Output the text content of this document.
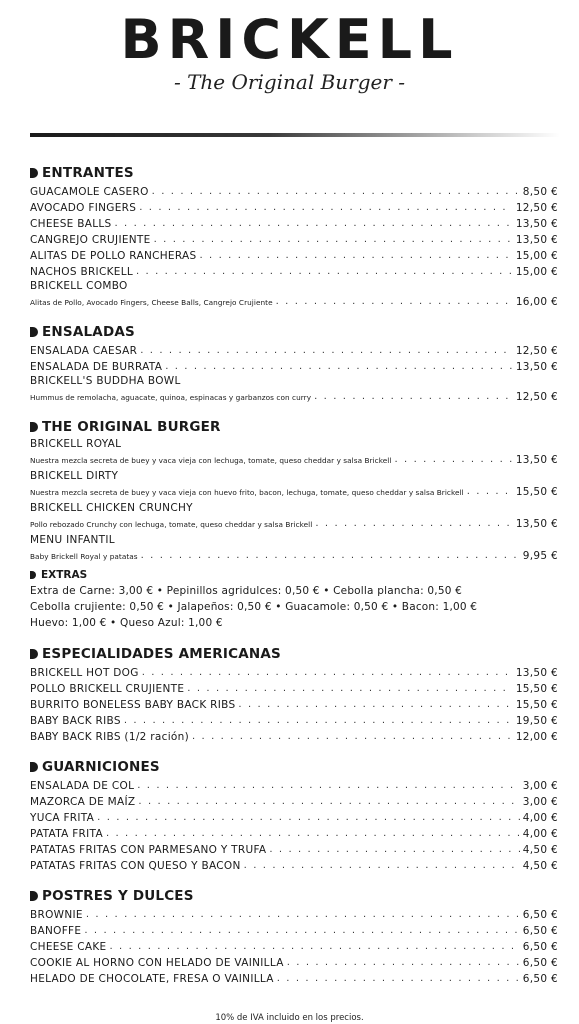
BRICKELL
- The Original Burger -
ENTRANTES
GUACAMOLE CASERO . . .	8,50 €
AVOCADO FINGERS . . .	12,50 €
CHEESE BALLS . . .	13,50 €
CANGREJO CRUJIENTE . . .	13,50 €
ALITAS DE POLLO RANCHERAS . . .	15,00 €
NACHOS BRICKELL . . .	15,00 €
BRICKELL COMBO
Alitas de Pollo, Avocado Fingers, Cheese Balls, Cangrejo Crujiente . . .	16,00 €
ENSALADAS
ENSALADA CAESAR . . .	12,50 €
ENSALADA DE BURRATA . . .	13,50 €
BRICKELL'S BUDDHA BOWL
Hummus de remolacha, aguacate, quinoa, espinacas y garbanzos con curry . . .	12,50 €
THE ORIGINAL BURGER
BRICKELL ROYAL
Nuestra mezcla secreta de buey y vaca vieja con lechuga, tomate, queso cheddar y salsa Brickell . . .	13,50 €
BRICKELL DIRTY
Nuestra mezcla secreta de buey y vaca vieja con huevo frito, bacon, lechuga, tomate, queso cheddar y salsa Brickell . . .	15,50 €
BRICKELL CHICKEN CRUNCHY
Pollo rebozado Crunchy con lechuga, tomate, queso cheddar y salsa Brickell . . .	13,50 €
MENU INFANTIL
Baby Brickell Royal y patatas . . .	9,95 €
EXTRAS
Extra de Carne: 3,00 € • Pepinillos agridulces: 0,50 € • Cebolla plancha: 0,50 €
Cebolla crujiente: 0,50 € • Jalapeños: 0,50 € • Guacamole: 0,50 € • Bacon: 1,00 €
Huevo: 1,00 € • Queso Azul: 1,00 €
ESPECIALIDADES AMERICANAS
BRICKELL HOT DOG . . .	13,50 €
POLLO BRICKELL CRUJIENTE . . .	15,50 €
BURRITO BONELESS BABY BACK RIBS . . .	15,50 €
BABY BACK RIBS . . .	19,50 €
BABY BACK RIBS (1/2 ración) . . .	12,00 €
GUARNICIONES
ENSALADA DE COL . . .	3,00 €
MAZORCA DE MAÍZ . . .	3,00 €
YUCA FRITA . . .	4,00 €
PATATA FRITA . . .	4,00 €
PATATAS FRITAS CON PARMESANO Y TRUFA . . .	4,50 €
PATATAS FRITAS CON QUESO Y BACON . . .	4,50 €
POSTRES Y DULCES
BROWNIE . . .	6,50 €
BANOFFE . . .	6,50 €
CHEESE CAKE . . .	6,50 €
COOKIE AL HORNO CON HELADO DE VAINILLA . . .	6,50 €
HELADO DE CHOCOLATE, FRESA O VAINILLA . . .	6,50 €
10% de IVA incluido en los precios.
